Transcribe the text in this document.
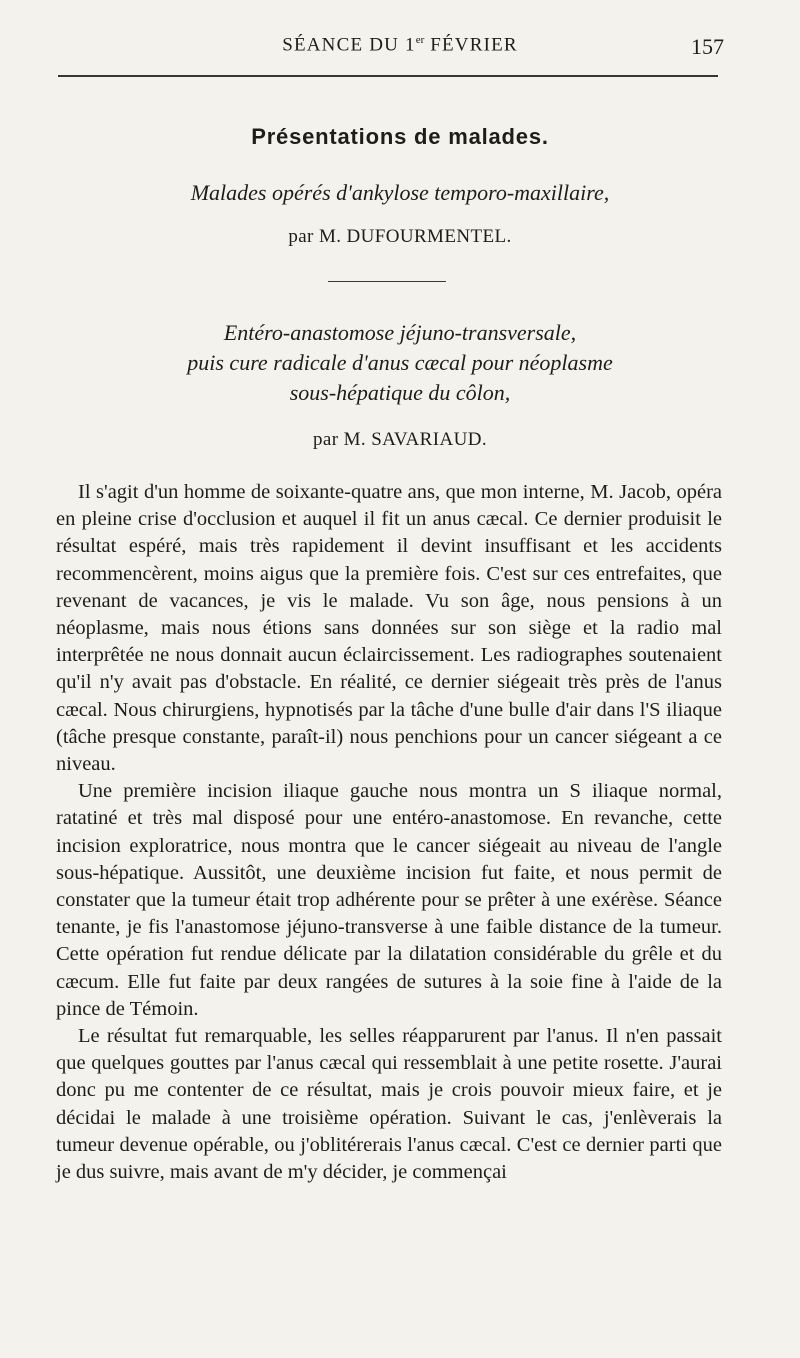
SÉANCE DU 1er FÉVRIER	157
Présentations de malades.
Malades opérés d'ankylose temporo-maxillaire,
par M. DUFOURMENTEL.
Entéro-anastomose jéjuno-transversale,
puis cure radicale d'anus cæcal pour néoplasme
sous-hépatique du côlon,
par M. SAVARIAUD.

Il s'agit d'un homme de soixante-quatre ans, que mon interne, M. Jacob, opéra en pleine crise d'occlusion et auquel il fit un anus cæcal. Ce dernier produisit le résultat espéré, mais très rapidement il devint insuffisant et les accidents recommencèrent, moins aigus que la première fois. C'est sur ces entrefaites, que revenant de vacances, je vis le malade. Vu son âge, nous pensions à un néoplasme, mais nous étions sans données sur son siège et la radio mal interprêtée ne nous donnait aucun éclaircissement. Les radiographes soutenaient qu'il n'y avait pas d'obstacle. En réalité, ce dernier siégeait très près de l'anus cæcal. Nous chirurgiens, hypnotisés par la tâche d'une bulle d'air dans l'S iliaque (tâche presque constante, paraît-il) nous penchions pour un cancer siégeant a ce niveau.

Une première incision iliaque gauche nous montra un S iliaque normal, ratatiné et très mal disposé pour une entéro-anastomose. En revanche, cette incision exploratrice, nous montra que le cancer siégeait au niveau de l'angle sous-hépatique. Aussitôt, une deuxième incision fut faite, et nous permit de constater que la tumeur était trop adhérente pour se prêter à une exérèse. Séance tenante, je fis l'anastomose jéjuno-transverse à une faible distance de la tumeur. Cette opération fut rendue délicate par la dilatation considérable du grêle et du cæcum. Elle fut faite par deux rangées de sutures à la soie fine à l'aide de la pince de Témoin.

Le résultat fut remarquable, les selles réapparurent par l'anus. Il n'en passait que quelques gouttes par l'anus cæcal qui ressemblait à une petite rosette. J'aurai donc pu me contenter de ce résultat, mais je crois pouvoir mieux faire, et je décidai le malade à une troisième opération. Suivant le cas, j'enlèverais la tumeur devenue opérable, ou j'oblitérerais l'anus cæcal. C'est ce dernier parti que je dus suivre, mais avant de m'y décider, je commençai
